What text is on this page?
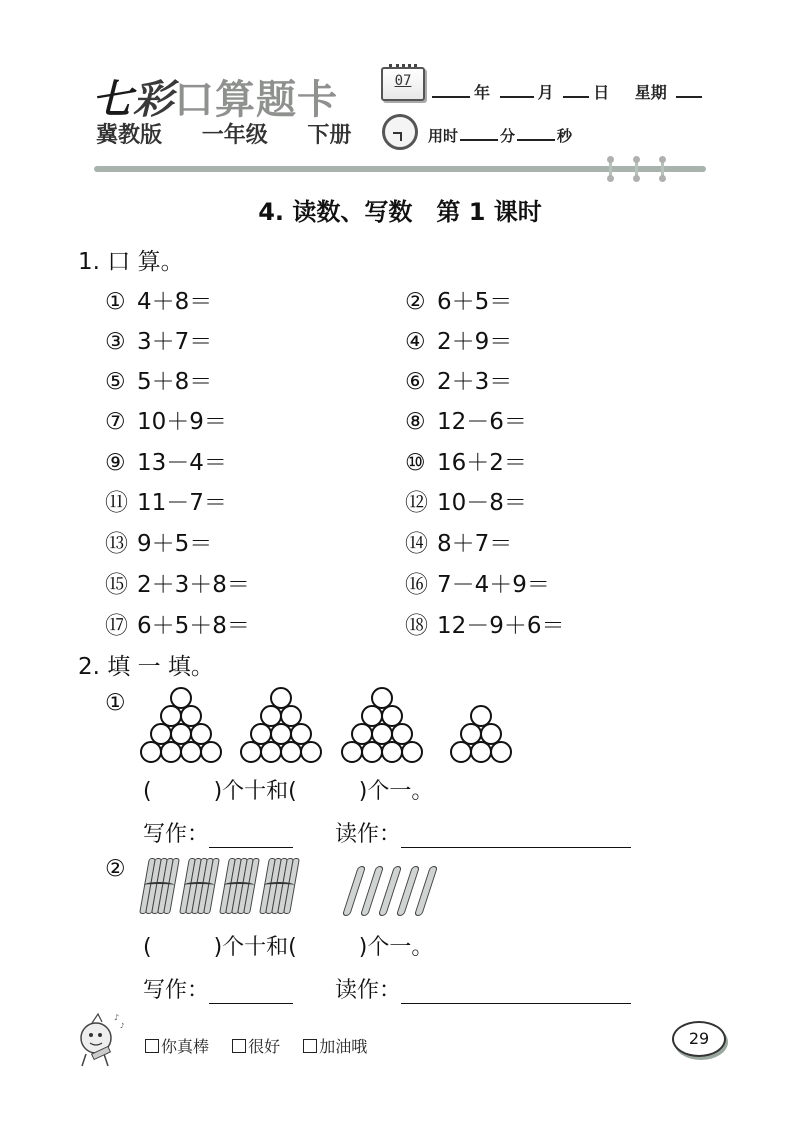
七彩口算题卡
冀教版 一年级 下册
07
年	月 日 星期
用时	分	秒
4. 读数、写数　第 1 课时
1. 口 算。
① 4＋8＝	② 6＋5＝
③ 3＋7＝	④ 2＋9＝
⑤ 5＋8＝	⑥ 2＋3＝
⑦ 10＋9＝	⑧ 12－6＝
⑨ 13－4＝	⑩ 16＋2＝
⑪ 11－7＝	⑫ 10－8＝
⑬ 9＋5＝	⑭ 8＋7＝
⑮ 2＋3＋8＝	⑯ 7－4＋9＝
⑰ 6＋5＋8＝	⑱ 12－9＋6＝
2. 填 一 填。
①
(	)个十和(	)个一。
写作：	读作：
②
(	)个十和(	)个一。
写作：	读作：
♪
♪
你真棒 很好 加油哦	29
